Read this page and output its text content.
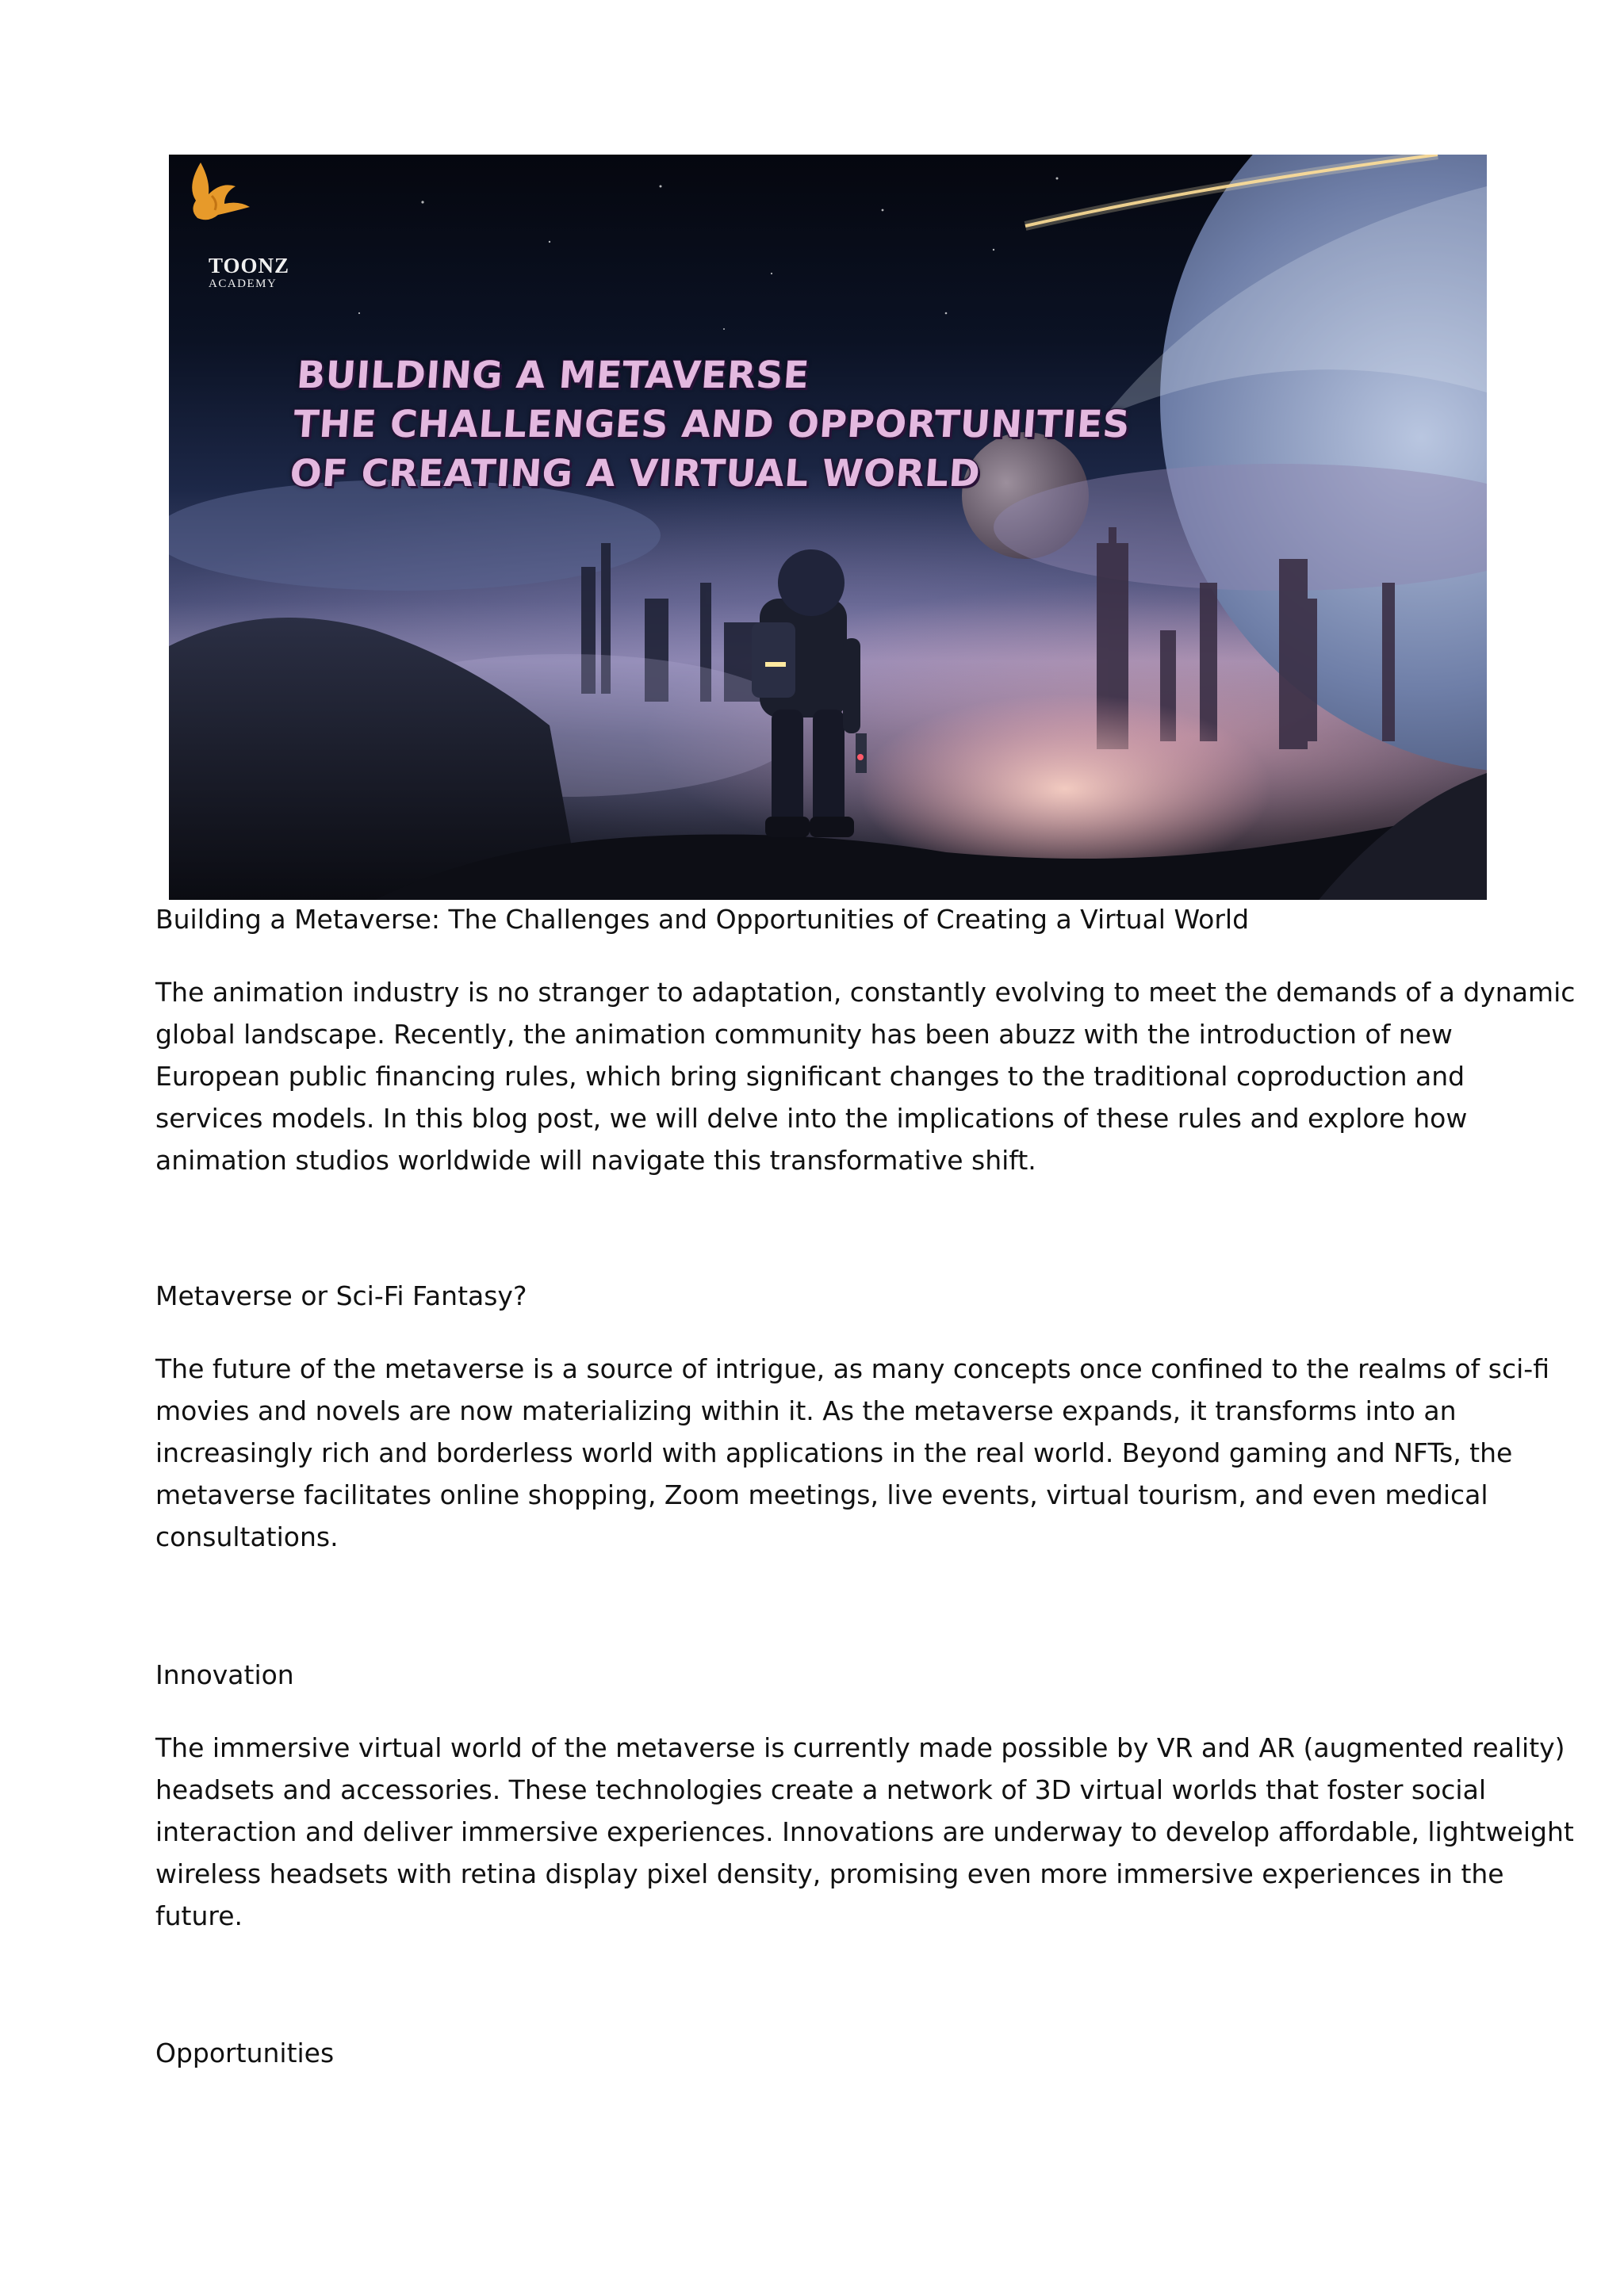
TOONZ
ACADEMY
BUILDING A METAVERSE
THE CHALLENGES AND OPPORTUNITIES
OF CREATING A VIRTUAL WORLD
Building a Metaverse: The Challenges and Opportunities of Creating a Virtual World
The animation industry is no stranger to adaptation, constantly evolving to meet the demands of a dynamic
global landscape. Recently, the animation community has been abuzz with the introduction of new
European public financing rules, which bring significant changes to the traditional coproduction and
services models. In this blog post, we will delve into the implications of these rules and explore how
animation studios worldwide will navigate this transformative shift.
Metaverse or Sci-Fi Fantasy?
The future of the metaverse is a source of intrigue, as many concepts once confined to the realms of sci-fi
movies and novels are now materializing within it. As the metaverse expands, it transforms into an
increasingly rich and borderless world with applications in the real world. Beyond gaming and NFTs, the
metaverse facilitates online shopping, Zoom meetings, live events, virtual tourism, and even medical
consultations.
Innovation
The immersive virtual world of the metaverse is currently made possible by VR and AR (augmented reality)
headsets and accessories. These technologies create a network of 3D virtual worlds that foster social
interaction and deliver immersive experiences. Innovations are underway to develop affordable, lightweight
wireless headsets with retina display pixel density, promising even more immersive experiences in the
future.
Opportunities
